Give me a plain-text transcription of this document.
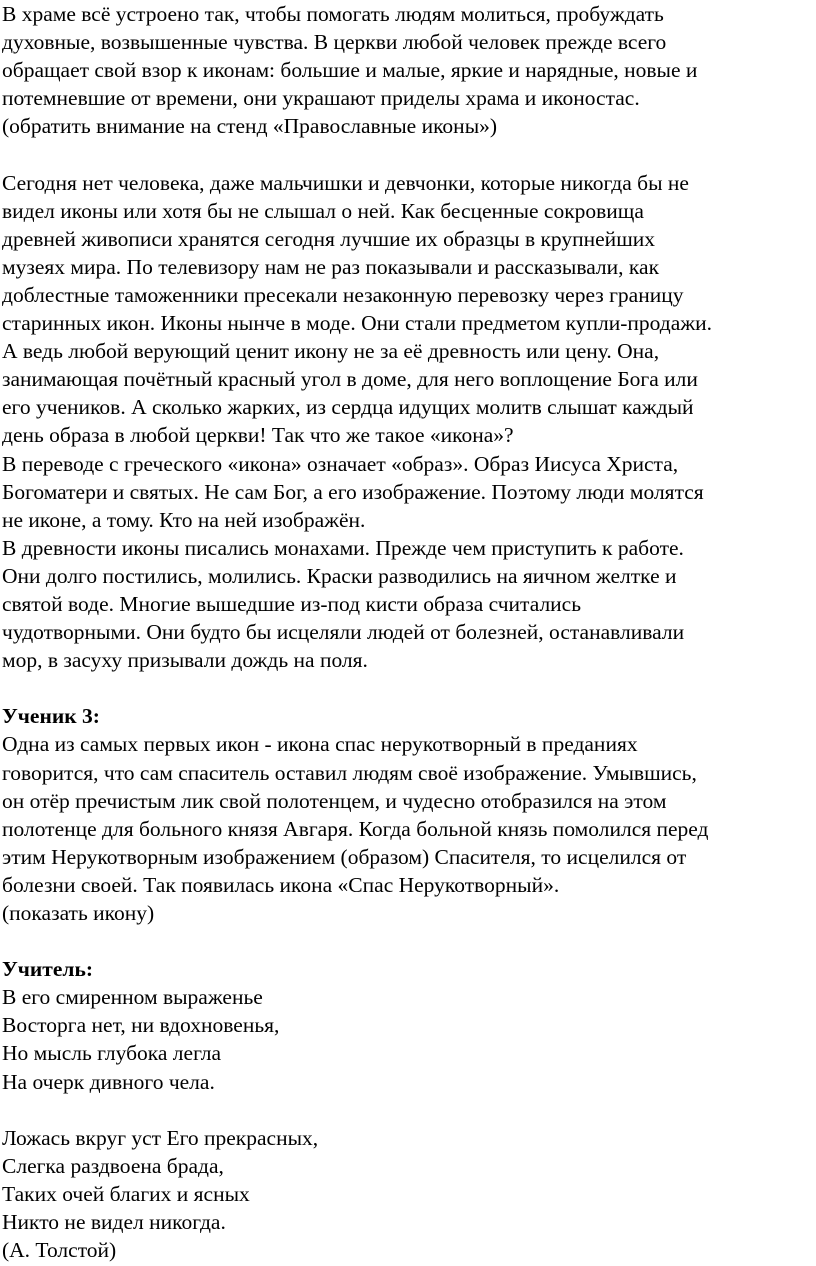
В храме всё устроено так, чтобы помогать людям молиться, пробуждать
духовные, возвышенные чувства. В церкви любой человек прежде всего
обращает свой взор к иконам: большие и малые, яркие и нарядные, новые и
потемневшие от времени, они украшают приделы храма и иконостас.
(обратить внимание на стенд «Православные иконы»)
Сегодня нет человека, даже мальчишки и девчонки, которые никогда бы не
видел иконы или хотя бы не слышал о ней. Как бесценные сокровища
древней живописи хранятся сегодня лучшие их образцы в крупнейших
музеях мира. По телевизору нам не раз показывали и рассказывали, как
доблестные таможенники пресекали незаконную перевозку через границу
старинных икон. Иконы нынче в моде. Они стали предметом купли-продажи.
А ведь любой верующий ценит икону не за её древность или цену. Она,
занимающая почётный красный угол в доме, для него воплощение Бога или
его учеников. А сколько жарких, из сердца идущих молитв слышат каждый
день образа в любой церкви! Так что же такое «икона»?
В переводе с греческого «икона» означает «образ». Образ Иисуса Христа,
Богоматери и святых. Не сам Бог, а его изображение. Поэтому люди молятся
не иконе, а тому. Кто на ней изображён.
В древности иконы писались монахами. Прежде чем приступить к работе.
Они долго постились, молились. Краски разводились на яичном желтке и
святой воде. Многие вышедшие из-под кисти образа считались
чудотворными. Они будто бы исцеляли людей от болезней, останавливали
мор, в засуху призывали дождь на поля.
Ученик 3:
Одна из самых первых икон - икона спас нерукотворный в преданиях
говорится, что сам спаситель оставил людям своё изображение. Умывшись,
он отёр пречистым лик свой полотенцем, и чудесно отобразился на этом
полотенце для больного князя Авгаря. Когда больной князь помолился перед
этим Нерукотворным изображением (образом) Спасителя, то исцелился от
болезни своей. Так появилась икона «Спас Нерукотворный».
(показать икону)
Учитель:
В его смиренном выраженье
Восторга нет, ни вдохновенья,
Но мысль глубока легла
На очерк дивного чела.
Ложась вкруг уст Его прекрасных,
Слегка раздвоена брада,
Таких очей благих и ясных
Никто не видел никогда.
(А. Толстой)
